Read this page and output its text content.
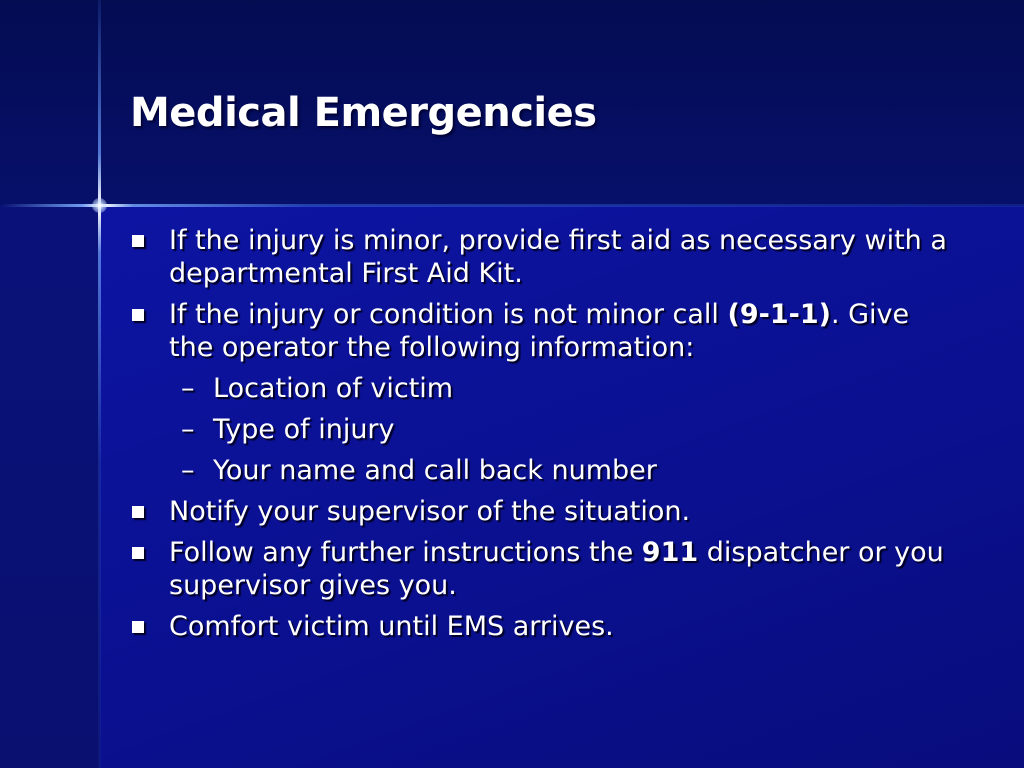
Medical Emergencies
If the injury is minor, provide first aid as necessary with a departmental First Aid Kit.
If the injury or condition is not minor call (9-1-1). Give the operator the following information:
– Location of victim
– Type of injury
– Your name and call back number
Notify your supervisor of the situation.
Follow any further instructions the 911 dispatcher or you supervisor gives you.
Comfort victim until EMS arrives.
